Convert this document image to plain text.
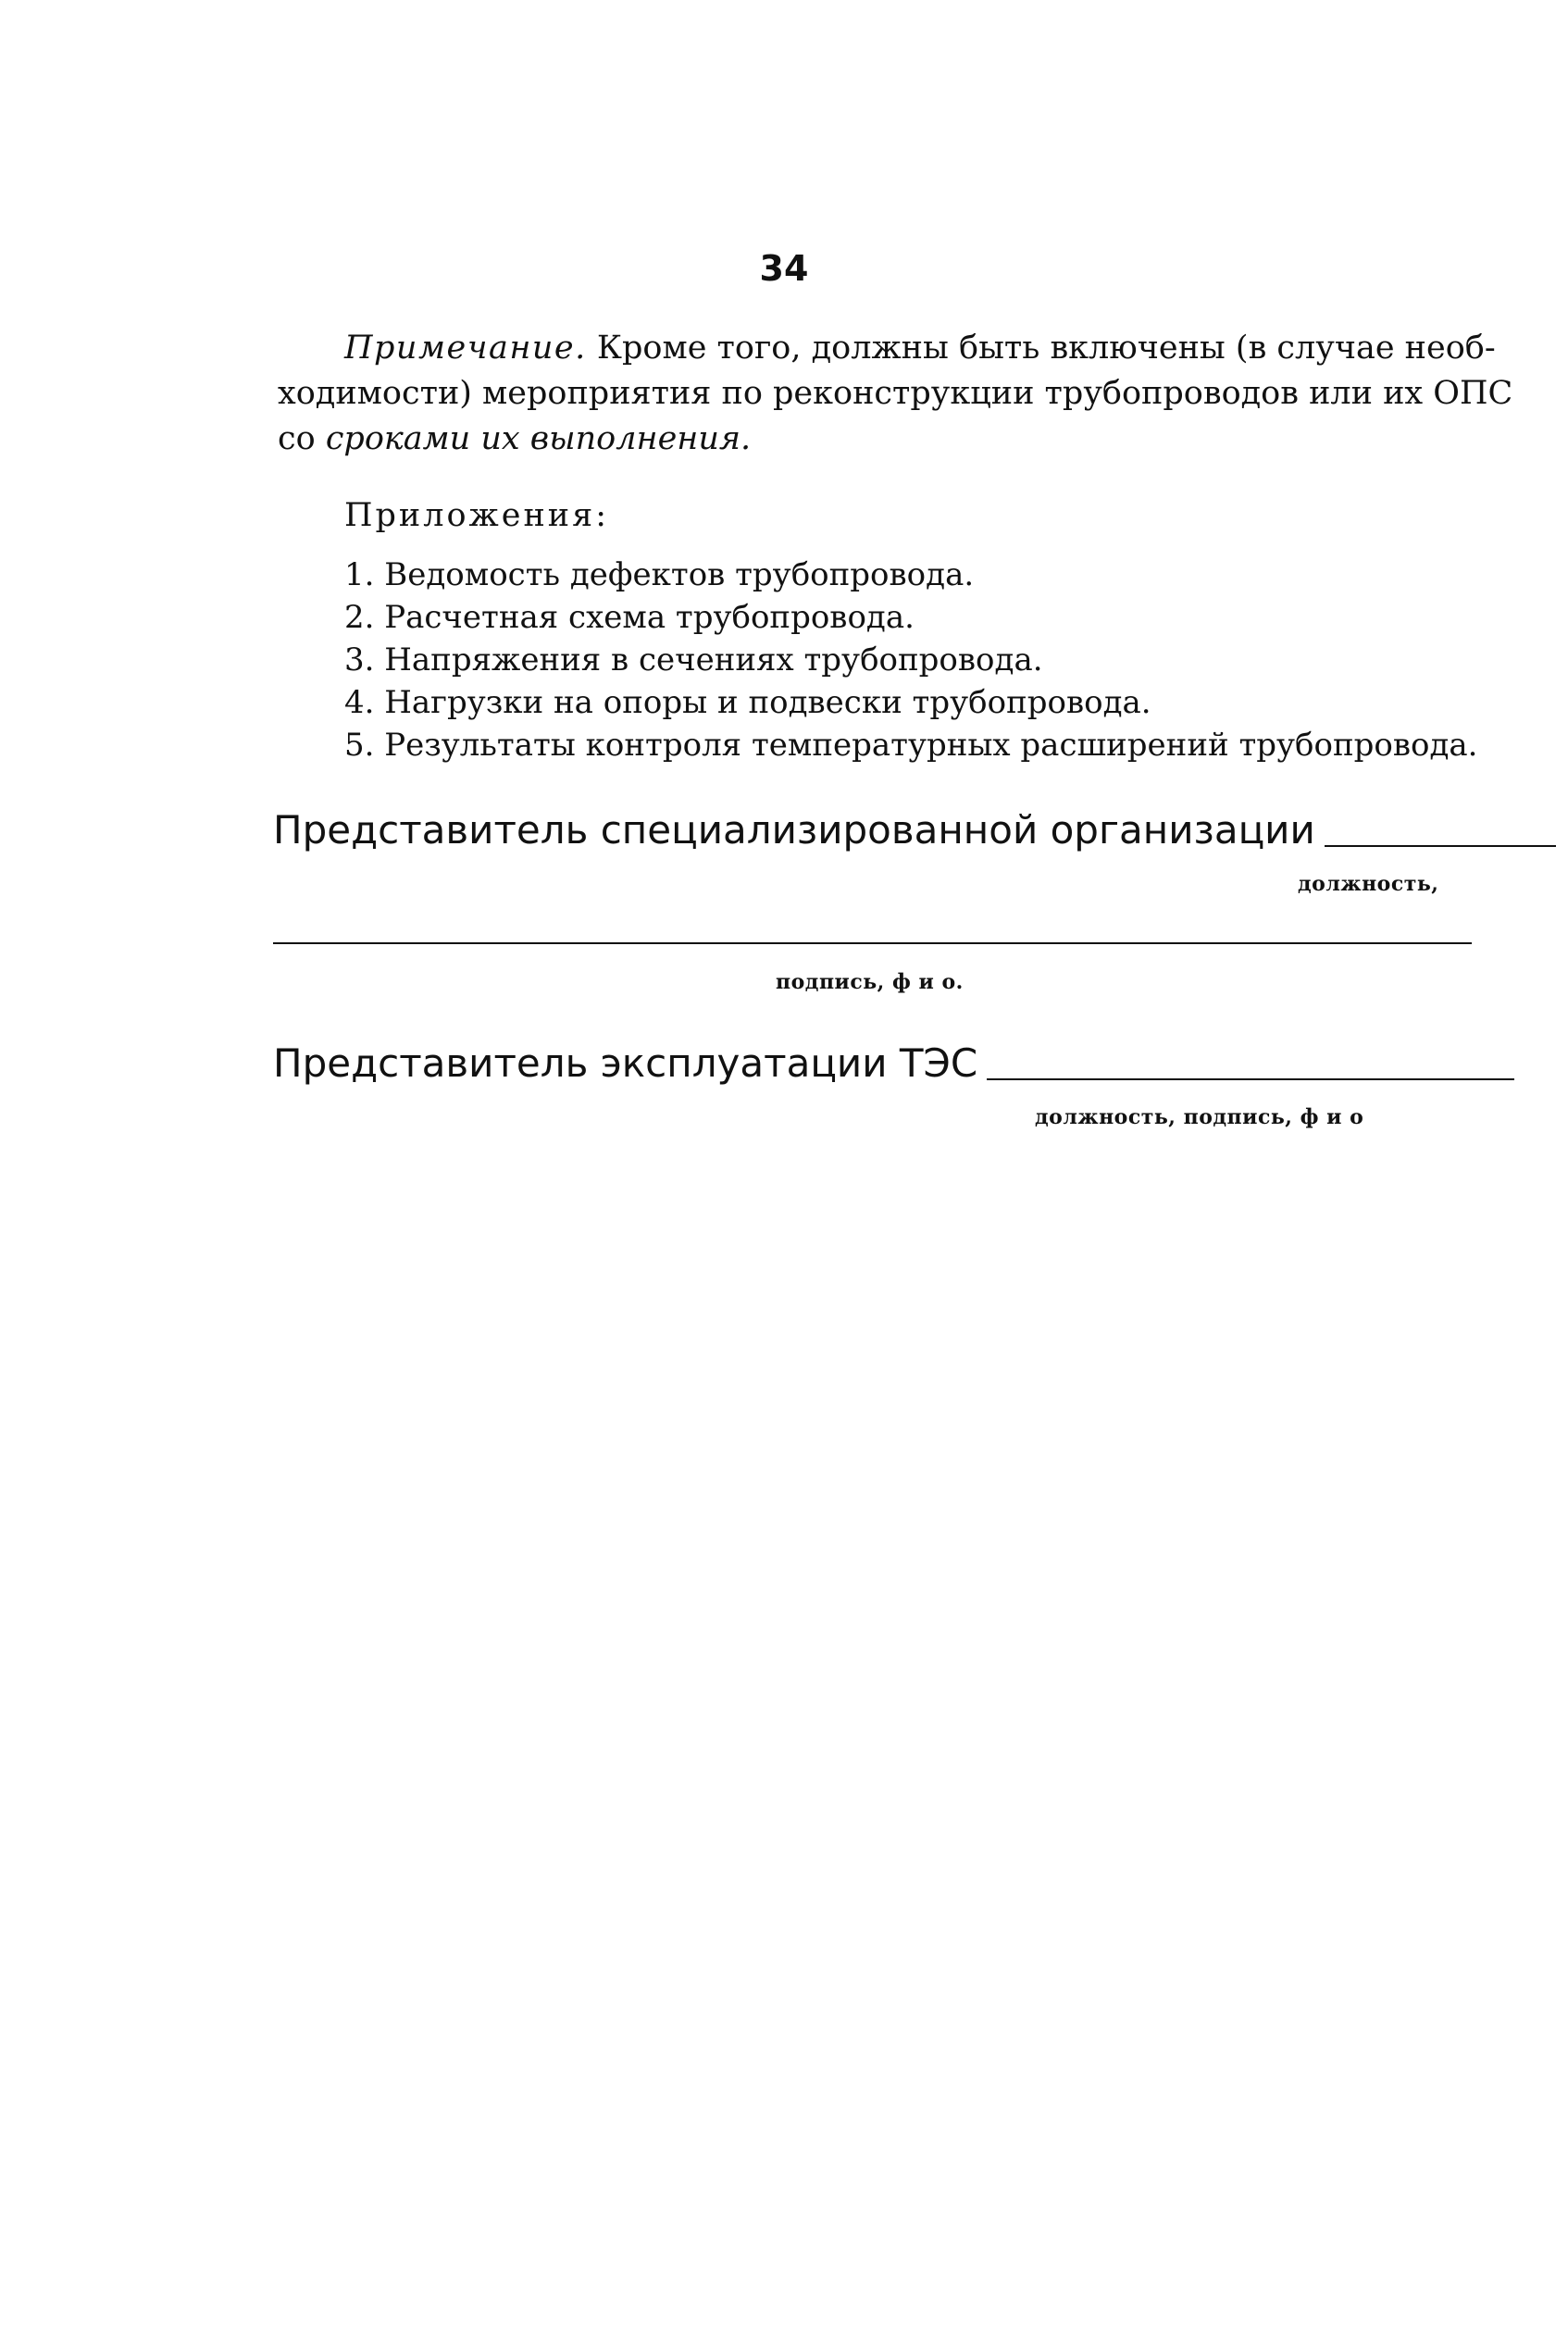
34
Примечание. Кроме того, должны быть включены (в случае необ-
ходимости) мероприятия по реконструкции трубопроводов или их ОПС
со сроками их выполнения.
Приложения:
1. Ведомость дефектов трубопровода.
2. Расчетная схема трубопровода.
3. Напряжения в сечениях трубопровода.
4. Нагрузки на опоры и подвески трубопровода.
5. Результаты контроля температурных расширений трубопровода.
Представитель специализированной организации
должность,
подпись, ф и о.
Представитель эксплуатации ТЭС
должность, подпись, ф и о
